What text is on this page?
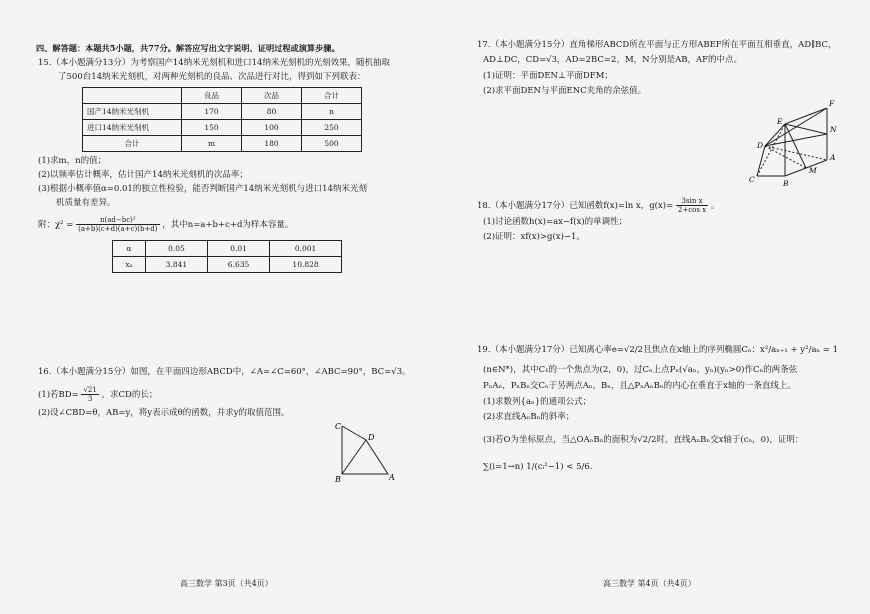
四、解答题：本题共5小题，共77分。解答应写出文字说明、证明过程或演算步骤。
15.（本小题满分13分）为考察国产14纳米光刻机和进口14纳米光刻机的光刻效果，随机抽取
了500台14纳米光刻机，对两种光刻机的良品、次品进行对比，得到如下列联表：
	良品	次品	合计
国产14纳米光刻机	170	80	n
进口14纳米光刻机	150	100	250
合计	m	180	500
(1)求m，n的值；
(2)以频率估计概率，估计国产14纳米光刻机的次品率；
(3)根据小概率值α=0.01的独立性检验，能否判断国产14纳米光刻机与进口14纳米光刻
机质量有差异。
附：$\chi^2 = \frac{\text{n(ad−bc)²}}{(a+b)(c+d)(a+c)(b+d)}$ ，其中n=a+b+c+d为样本容量。
α	0.05	0.01	0.001
xₐ	3.841	6.635	10.828
16.（本小题满分15分）如图，在平面四边形ABCD中，∠A=∠C=60°，∠ABC=90°，BC=√3。
(1)若$BD= \frac{√21}{3}$ ，求CD的长；
(2)设∠CBD=θ，AB=y，将y表示成θ的函数，并求y的取值范围。
C
D
B	A
高三数学 第3页（共4页）
17.（本小题满分15分）直角梯形ABCD所在平面与正方形ABEF所在平面互相垂直，AD∥BC，
AD⊥DC，CD=√3，AD=2BC=2，M，N分别是AB，AF的中点。
(1)证明：平面DEN⊥平面DFM；
(2)求平面DEN与平面ENC夹角的余弦值。
F
E
N
D
A
M
C	B
18.（本小题满分17分）已知函数f(x)=ln x，$g(x)= \frac{\text{3sin x}}{\text{2+cos x}}$ 。
(1)讨论函数h(x)=ax−f(x)的单调性；
(2)证明：xf(x)>g(x)−1。
19.（本小题满分17分）已知离心率e=√2/2且焦点在x轴上的序列椭圆Cₙ：x²/aₙ₊₁ + y²/aₙ = 1
(n∈N*)，其中C₁的一个焦点为(2，0)，过Cₙ上点Pₙ(√aₙ，yₙ)(yₙ>0)作Cₙ的两条弦
PₙAₙ，PₙBₙ交Cₙ于另两点Aₙ，Bₙ，且△PₙAₙBₙ的内心在垂直于x轴的一条直线上。
(1)求数列{aₙ}的通项公式；
(2)求直线AₙBₙ的斜率；
(3)若O为坐标原点，当△OAₙBₙ的面积为√2/2时，直线AₙBₙ交x轴于(cₙ，0)，证明：
∑(i=1→n) 1/(cᵢ²−1) < 5/6.
高三数学 第4页（共4页）
